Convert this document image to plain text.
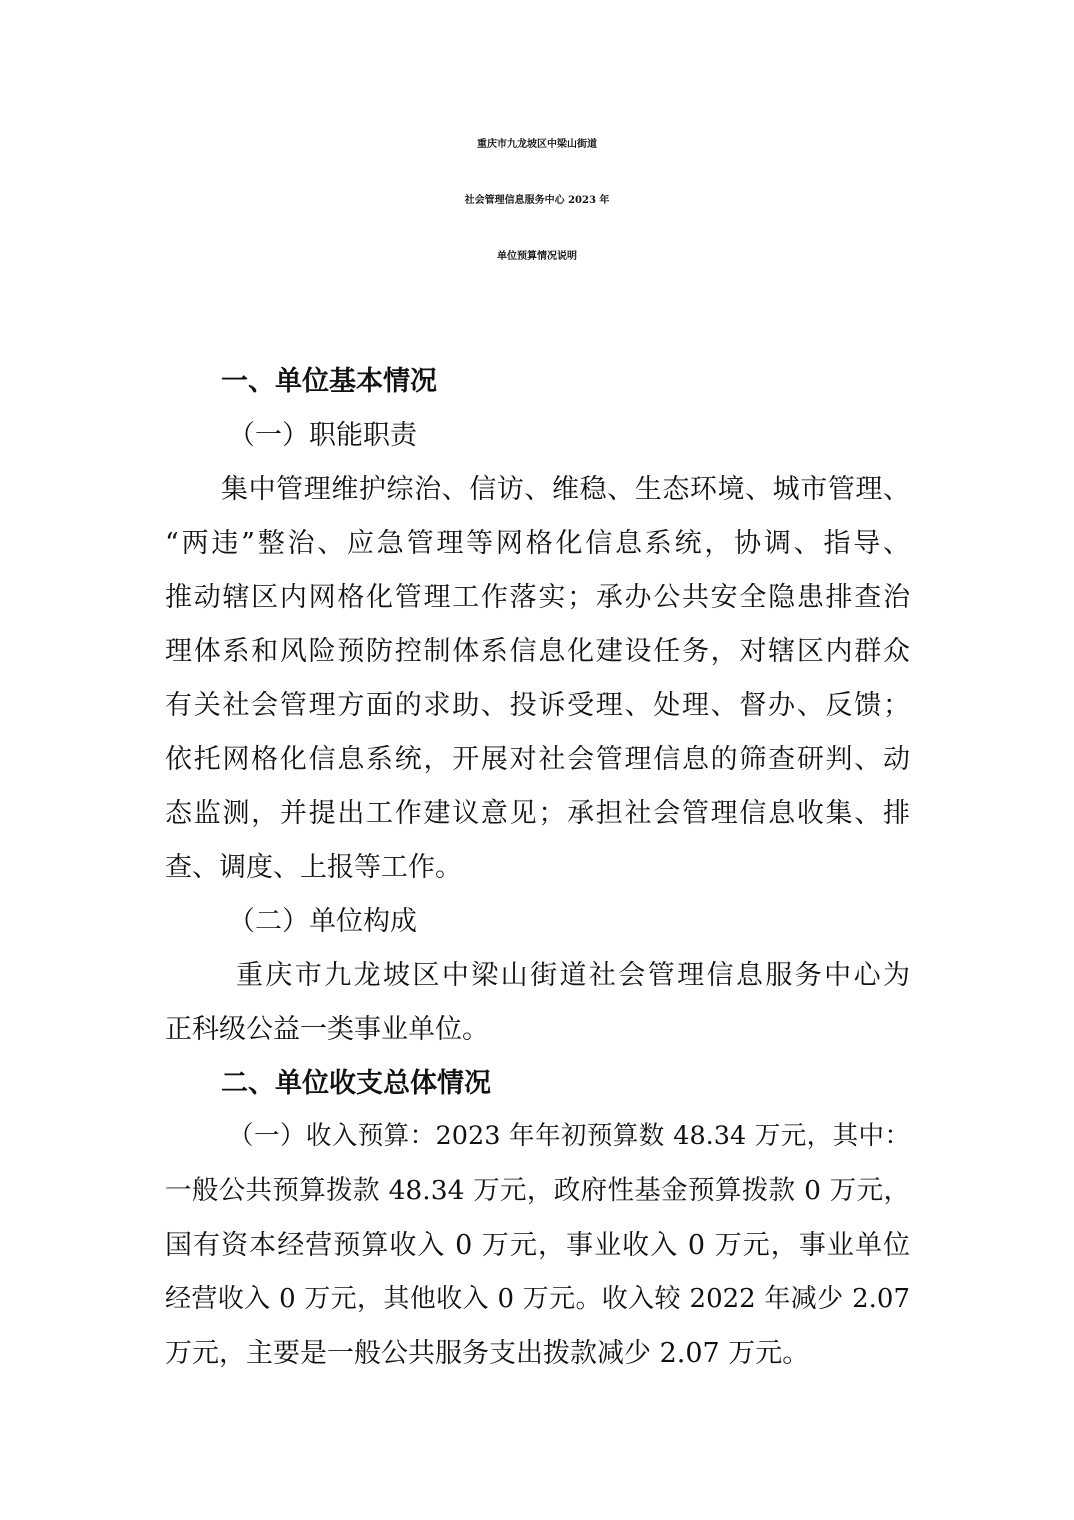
重庆市九龙坡区中梁山街道
社会管理信息服务中心 2023 年
单位预算情况说明
一、单位基本情况
（一）职能职责
集中管理维护综治、信访、维稳、生态环境、城市管理、
“两违”整治、应急管理等网格化信息系统，协调、指导、
推动辖区内网格化管理工作落实；承办公共安全隐患排查治
理体系和风险预防控制体系信息化建设任务，对辖区内群众
有关社会管理方面的求助、投诉受理、处理、督办、反馈；
依托网格化信息系统，开展对社会管理信息的筛查研判、动
态监测，并提出工作建议意见；承担社会管理信息收集、排
查、调度、上报等工作。
（二）单位构成
重庆市九龙坡区中梁山街道社会管理信息服务中心为
正科级公益一类事业单位。
二、单位收支总体情况
（一）收入预算：2023 年年初预算数 48.34 万元，其中：
一般公共预算拨款 48.34 万元，政府性基金预算拨款 0 万元，
国有资本经营预算收入 0 万元，事业收入 0 万元，事业单位
经营收入 0 万元，其他收入 0 万元。收入较 2022 年减少 2.07
万元，主要是一般公共服务支出拨款减少 2.07 万元。
